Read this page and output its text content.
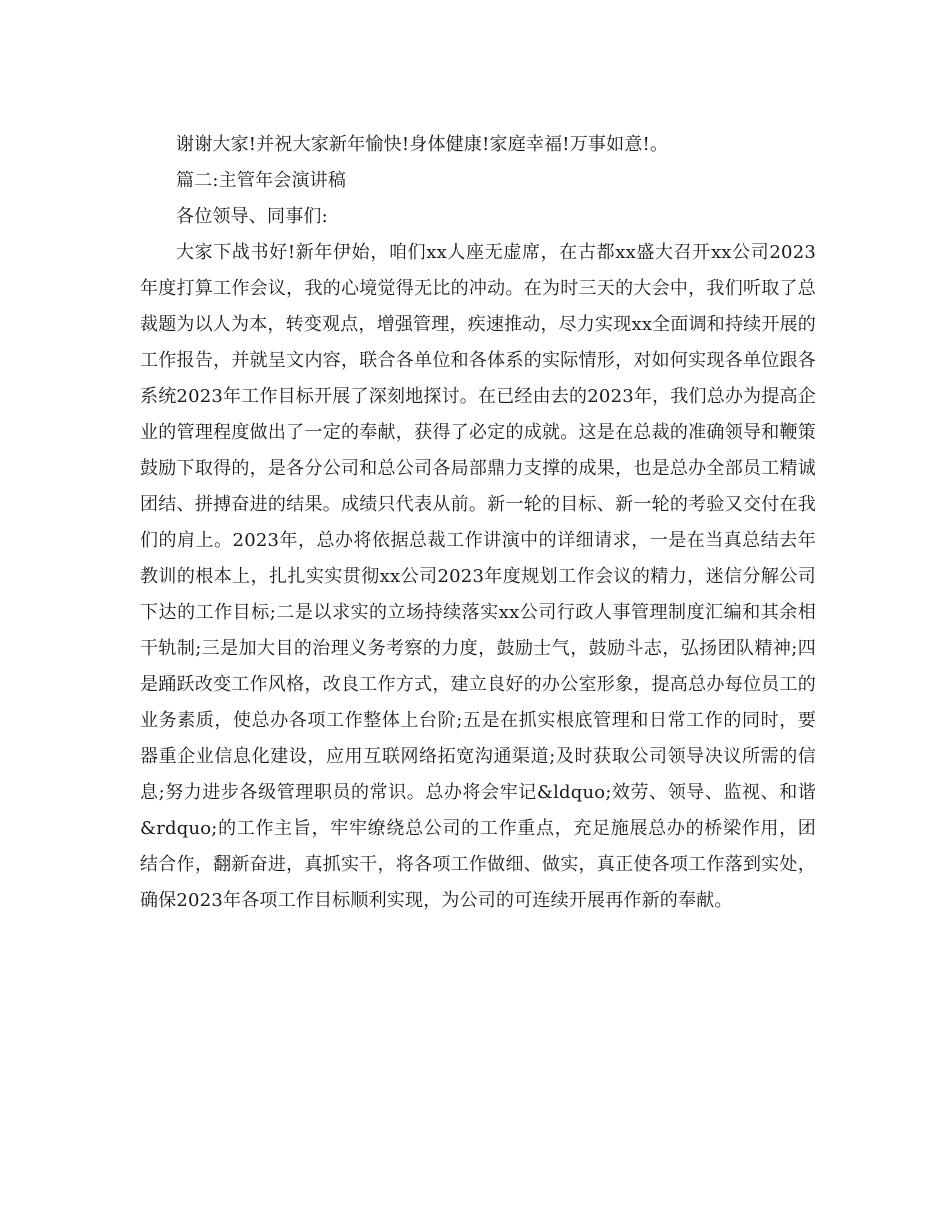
谢谢大家!并祝大家新年愉快!身体健康!家庭幸福!万事如意!。

篇二:主管年会演讲稿

各位领导、同事们:

大家下战书好!新年伊始，咱们xx人座无虚席，在古都xx盛大召开xx公司2023年度打算工作会议，我的心境觉得无比的冲动。在为时三天的大会中，我们听取了总裁题为以人为本，转变观点，增强管理，疾速推动，尽力实现xx全面调和持续开展的工作报告，并就呈文内容，联合各单位和各体系的实际情形，对如何实现各单位跟各系统2023年工作目标开展了深刻地探讨。在已经由去的2023年，我们总办为提高企业的管理程度做出了一定的奉献，获得了必定的成就。这是在总裁的准确领导和鞭策鼓励下取得的，是各分公司和总公司各局部鼎力支撑的成果，也是总办全部员工精诚团结、拼搏奋进的结果。成绩只代表从前。新一轮的目标、新一轮的考验又交付在我们的肩上。2023年，总办将依据总裁工作讲演中的详细请求，一是在当真总结去年教训的根本上，扎扎实实贯彻xx公司2023年度规划工作会议的精力，迷信分解公司下达的工作目标;二是以求实的立场持续落实xx公司行政人事管理制度汇编和其余相干轨制;三是加大目的治理义务考察的力度，鼓励士气，鼓励斗志，弘扬团队精神;四是踊跃改变工作风格，改良工作方式，建立良好的办公室形象，提高总办每位员工的业务素质，使总办各项工作整体上台阶;五是在抓实根底管理和日常工作的同时，要器重企业信息化建设，应用互联网络拓宽沟通渠道;及时获取公司领导决议所需的信息;努力进步各级管理职员的常识。总办将会牢记&ldquo;效劳、领导、监视、和谐&rdquo;的工作主旨，牢牢缭绕总公司的工作重点，充足施展总办的桥梁作用，团结合作，翻新奋进，真抓实干，将各项工作做细、做实，真正使各项工作落到实处，确保2023年各项工作目标顺利实现，为公司的可连续开展再作新的奉献。
